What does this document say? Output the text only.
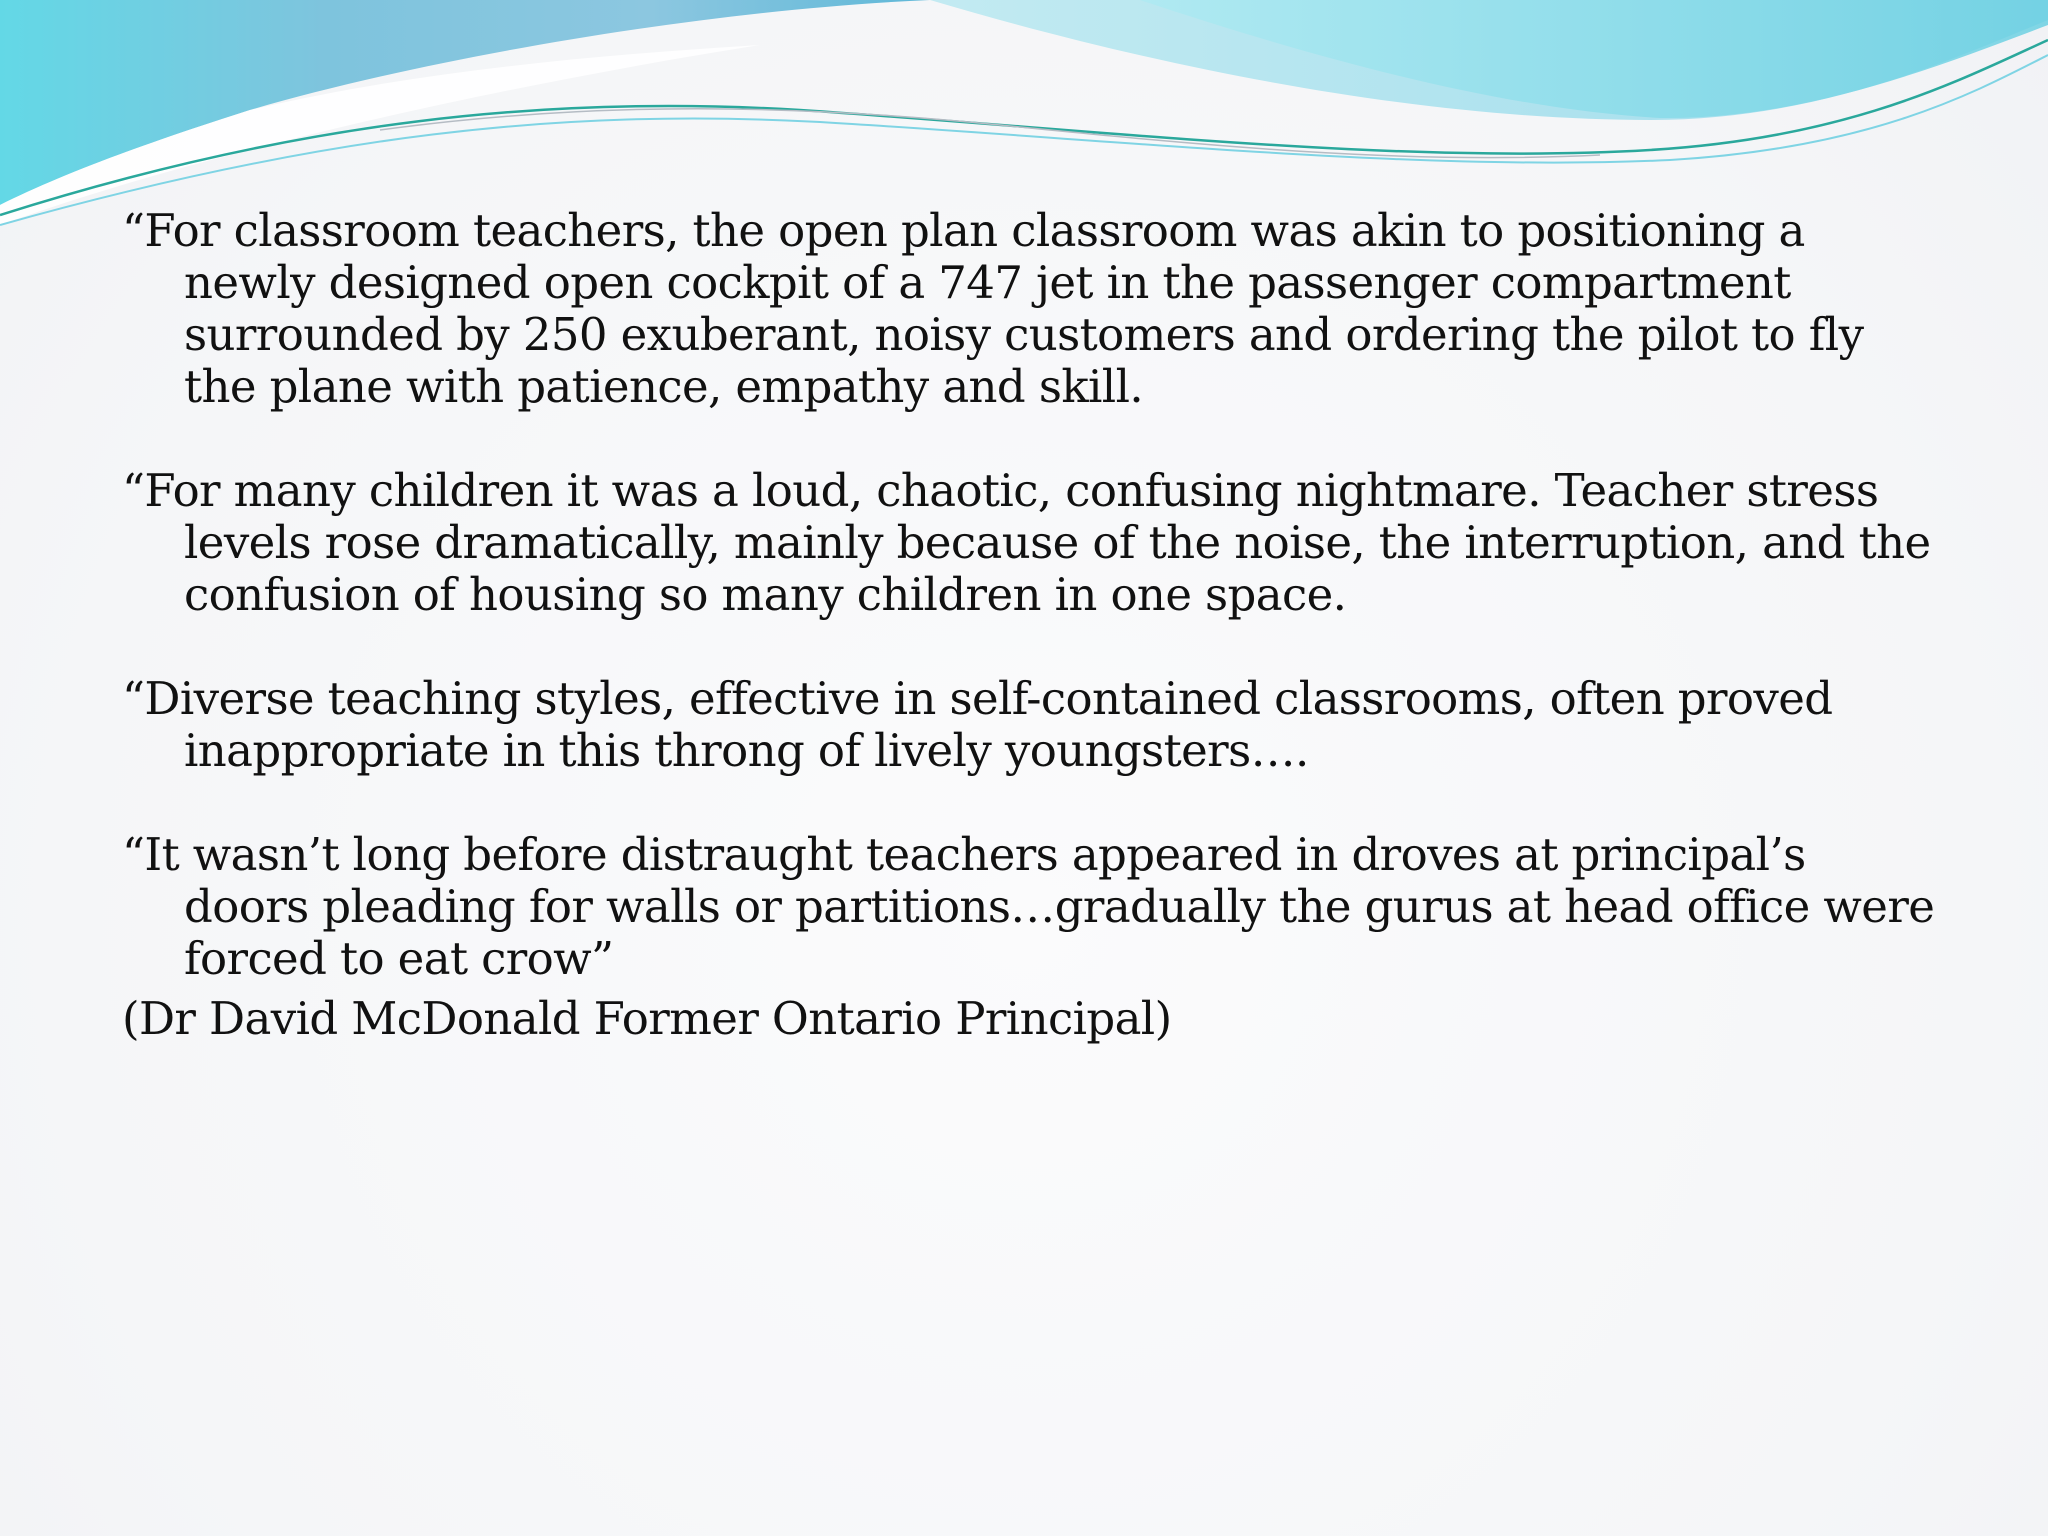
“For classroom teachers, the open plan classroom was akin to positioning a newly designed open cockpit of a 747 jet in the passenger compartment surrounded by 250 exuberant, noisy customers and ordering the pilot to fly the plane with patience, empathy and skill.

“For many children it was a loud, chaotic, confusing nightmare. Teacher stress levels rose dramatically, mainly because of the noise, the interruption, and the confusion of housing so many children in one space.

“Diverse teaching styles, effective in self-contained classrooms, often proved inappropriate in this throng of lively youngsters….

“It wasn’t long before distraught teachers appeared in droves at principal’s doors pleading for walls or partitions…gradually the gurus at head office were forced to eat crow”

(Dr David McDonald Former Ontario Principal)
